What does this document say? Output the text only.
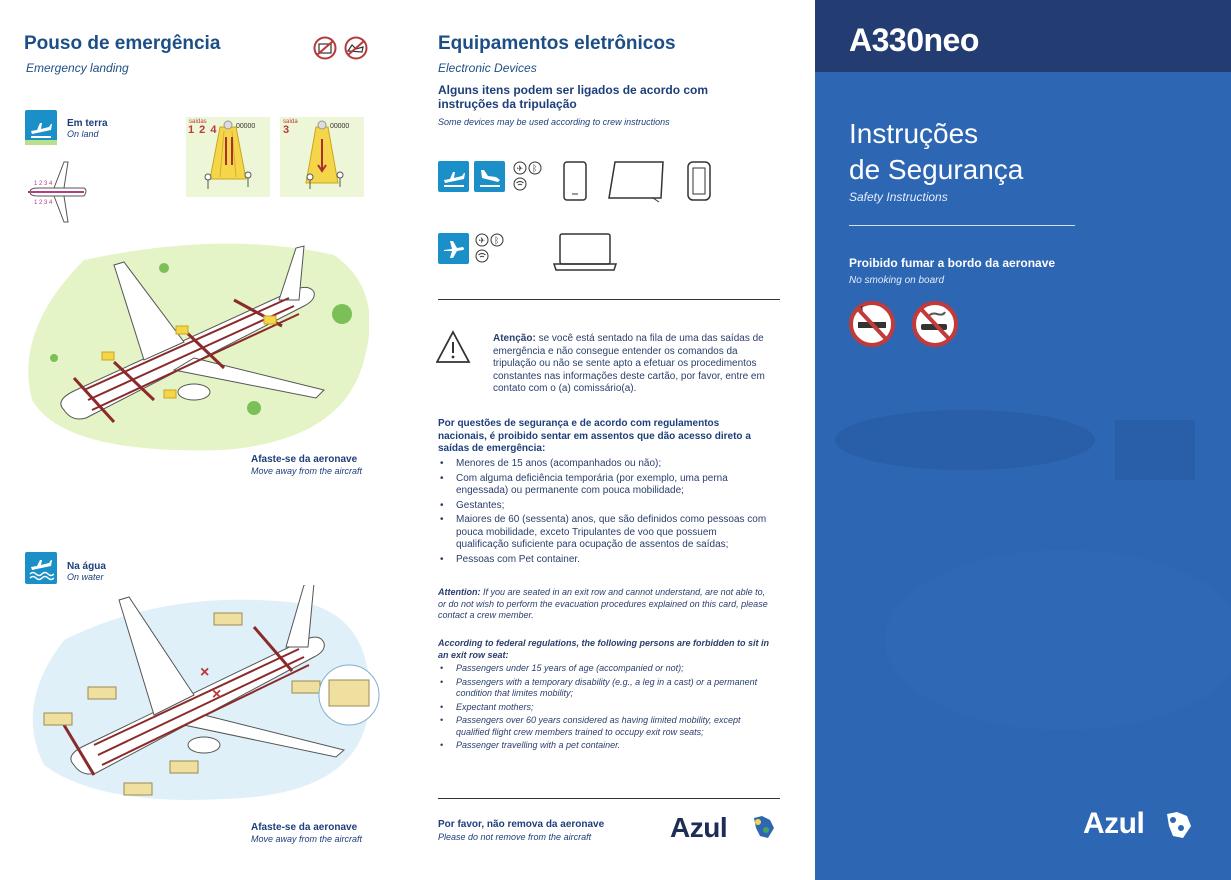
Pouso de emergência
Emergency landing
Em terra
On land
1 2 3 4
1 2 3 4
saídas
1 2 4	0 0 0 0 0
saída
3	0 0 0 0 0
Afaste-se da aeronave
Move away from the aircraft
Na água
On water
×
×
Afaste-se da aeronave
Move away from the aircraft
Equipamentos eletrônicos
Electronic Devices
Alguns itens podem ser ligados de acordo com instruções da tripulação
Some devices may be used according to crew instructions
✈ ᛒ
✈ ᛒ
Atenção: se você está sentado na fila de uma das saídas de emergência e não consegue entender os comandos da tripulação ou não se sente apto a efetuar os procedimentos constantes nas informações deste cartão, por favor, entre em contato com o (a) comissário(a).
Por questões de segurança e de acordo com regulamentos nacionais, é proibido sentar em assentos que dão acesso direto a saídas de emergência:
• Menores de 15 anos (acompanhados ou não);
• Com alguma deficiência temporária (por exemplo, uma perna engessada) ou permanente com pouca mobilidade;
• Gestantes;
• Maiores de 60 (sessenta) anos, que são definidos como pessoas com pouca mobilidade, exceto Tripulantes de voo que possuem qualificação suficiente para ocupação de assentos de saídas;
• Pessoas com Pet container.
Attention: If you are seated in an exit row and cannot understand, are not able to, or do not wish to perform the evacuation procedures explained on this card, please contact a crew member.
According to federal regulations, the following persons are forbidden to sit in an exit row seat:
• Passengers under 15 years of age (accompanied or not);
• Passengers with a temporary disability (e.g., a leg in a cast) or a permanent condition that limites mobility;
• Expectant mothers;
• Passengers over 60 years considered as having limited mobility, except qualified flight crew members trained to occupy exit row seats;
• Passenger travelling with a pet container.
Por favor, não remova da aeronave
Please do not remove from the aircraft	Azul
A330neo
Instruções
de Segurança
Safety Instructions
Proibido fumar a bordo da aeronave
No smoking on board
Azul
